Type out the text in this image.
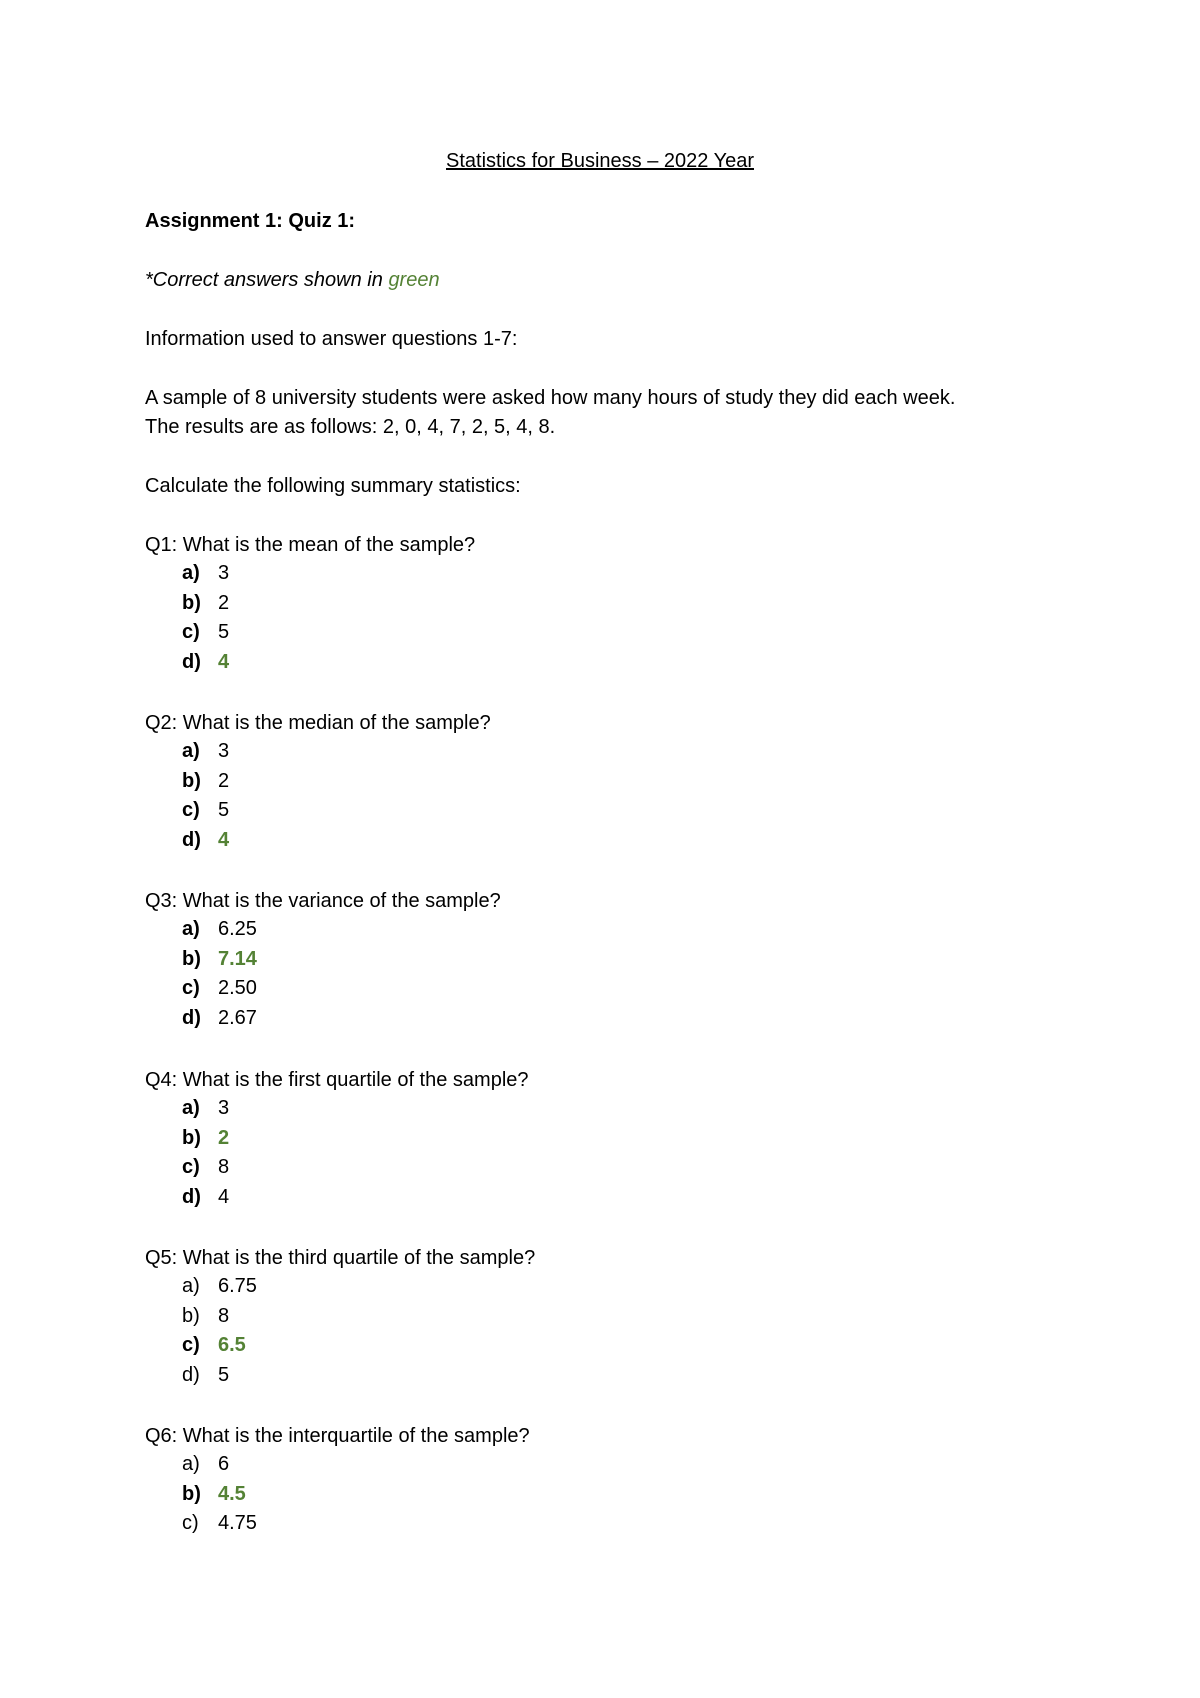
Statistics for Business – 2022 Year
Assignment 1: Quiz 1:
*Correct answers shown in green
Information used to answer questions 1-7:
A sample of 8 university students were asked how many hours of study they did each week.
The results are as follows: 2, 0, 4, 7, 2, 5, 4, 8.
Calculate the following summary statistics:
Q1: What is the mean of the sample?
a) 3
b) 2
c) 5
d) 4
Q2: What is the median of the sample?
a) 3
b) 2
c) 5
d) 4
Q3: What is the variance of the sample?
a) 6.25
b) 7.14
c) 2.50
d) 2.67
Q4: What is the first quartile of the sample?
a) 3
b) 2
c) 8
d) 4
Q5: What is the third quartile of the sample?
a) 6.75
b) 8
c) 6.5
d) 5
Q6: What is the interquartile of the sample?
a) 6
b) 4.5
c) 4.75
